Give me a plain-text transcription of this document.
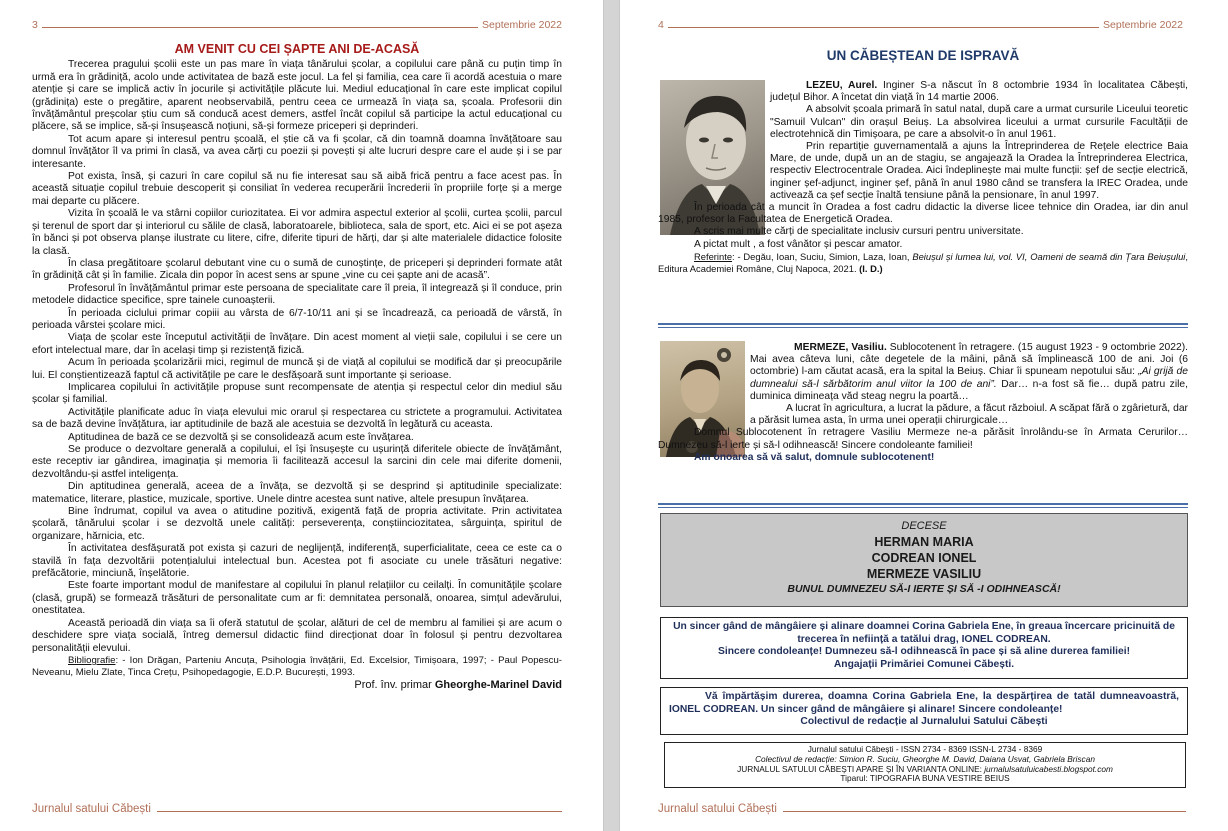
3	Septembrie 2022
AM VENIT CU CEI ȘAPTE ANI DE-ACASĂ

Trecerea pragului școlii este un pas mare în viața tânărului școlar, a copilului care până cu puțin timp în urmă era în grădiniță, acolo unde activitatea de bază este jocul. La fel și familia, cea care îi acordă acestuia o mare atenție și care se implică activ în jocurile și activitățile plăcute lui. Mediul educațional în care este implicat copilul (grădinița) este o pregătire, aparent neobservabilă, pentru ceea ce urmează în viața sa, școala. Profesorii din învățământul preșcolar știu cum să conducă acest demers, astfel încât copilul să participe la actul educațional cu plăcere, să se implice, să-și însușească noțiuni, să-și formeze priceperi și deprinderi.

Tot acum apare și interesul pentru școală, el știe că va fi școlar, că din toamnă doamna învățătoare sau domnul învățător îl va primi în clasă, va avea cărți cu poezii și povești și alte lucruri despre care el aude și i se par interesante.

Pot exista, însă, și cazuri în care copilul să nu fie interesat sau să aibă frică pentru a face acest pas. În această situație copilul trebuie descoperit și consiliat în vederea recuperării încrederii în propriile forțe și a merge mai departe cu plăcere.

Vizita în școală le va stârni copiilor curiozitatea. Ei vor admira aspectul exterior al școlii, curtea școlii, parcul și terenul de sport dar și interiorul cu sălile de clasă, laboratoarele, biblioteca, sala de sport, etc. Aici ei se pot așeza în bănci și pot observa planșe ilustrate cu litere, cifre, diferite tipuri de hărți, dar și alte materialele didactice folosite la clasă.

În clasa pregătitoare școlarul debutant vine cu o sumă de cunoștințe, de priceperi și deprinderi formate atât în grădiniță cât și în familie. Zicala din popor în acest sens ar spune „vine cu cei șapte ani de acasă”.

Profesorul în învățământul primar este persoana de specialitate care îl preia, îl integrează și îl conduce, prin metodele didactice specifice, spre tainele cunoașterii.

În perioada ciclului primar copiii au vârsta de 6/7-10/11 ani și se încadrează, ca perioadă de vârstă, în perioada vârstei școlare mici.

Viața de școlar este începutul activității de învățare. Din acest moment al vieții sale, copilului i se cere un efort intelectual mare, dar în același timp și rezistență fizică.

Acum în perioada școlarizării mici, regimul de muncă și de viață al copilului se modifică dar și preocupările lui. El conștientizează faptul că activitățile pe care le desfășoară sunt importante și serioase.

Implicarea copilului în activitățile propuse sunt recompensate de atenția și respectul celor din mediul său școlar și familial.

Activitățile planificate aduc în viața elevului mic orarul și respectarea cu strictete a programului. Activitatea sa de bază devine învățătura, iar aptitudinile de bază ale acestuia se dezvoltă în legătură cu aceasta.

Aptitudinea de bază ce se dezvoltă și se consolidează acum este învățarea.

Se produce o dezvoltare generală a copilului, el își însușește cu ușurință diferitele obiecte de învățământ, este receptiv iar gândirea, imaginația și memoria îi facilitează accesul la sarcini din cele mai diferite domenii, dezvoltându-și astfel inteligența.

Din aptitudinea generală, aceea de a învăța, se dezvoltă și se desprind și aptitudinile specializate: matematice, literare, plastice, muzicale, sportive. Unele dintre acestea sunt native, altele presupun învățarea.

Bine îndrumat, copilul va avea o atitudine pozitivă, exigentă față de propria activitate. Prin activitatea școlară, tânărului școlar i se dezvoltă unele calități: perseverența, conștiinciozitatea, sârguința, spiritul de organizare, hărnicia, etc.

În activitatea desfășurată pot exista și cazuri de neglijență, indiferență, superficialitate, ceea ce este ca o stavilă în fața dezvoltării potențialului intelectual bun. Acestea pot fi asociate cu unele trăsături negative: prefăcătorie, minciună, înșelătorie.

Este foarte important modul de manifestare al copilului în planul relațiilor cu ceilalți. În comunitățile școlare (clasă, grupă) se formează trăsături de personalitate cum ar fi: demnitatea personală, onoarea, simțul adevărului, onestitatea.

Această perioadă din viața sa îi oferă statutul de școlar, alături de cel de membru al familiei și are acum o deschidere spre viața socială, întreg demersul didactic fiind direcționat doar în folosul și pentru dezvoltarea personalității elevului.

Bibliografie: - Ion Drăgan, Parteniu Ancuța, Psihologia învățării, Ed. Excelsior, Timișoara, 1997; - Paul Popescu-Neveanu, Mielu Zlate, Tinca Crețu, Psihopedagogie, E.D.P. București, 1993.

Prof. înv. primar Gheorghe-Marinel David

Jurnalul satului Căbești
4	Septembrie 2022
UN CĂBEȘTEAN DE ISPRAVĂ

LEZEU, Aurel. Inginer S-a născut în 8 octombrie 1934 în localitatea Căbești, județul Bihor. A încetat din viață în 14 martie 2006.

A absolvit școala primară în satul natal, după care a urmat cursurile Liceului teoretic "Samuil Vulcan" din orașul Beiuș. La absolvirea liceului a urmat cursurile Facultății de electrotehnică din Timișoara, pe care a absolvit-o în anul 1961.

Prin repartiție guvernamentală a ajuns la Întreprinderea de Rețele electrice Baia Mare, de unde, după un an de stagiu, se angajează la Oradea la Întreprinderea Electrica, respectiv Electrocentrale Oradea. Aici îndeplinește mai multe funcții: șef de secție electrică, inginer șef-adjunct, inginer șef, până în anul 1980 când se transfera la IREC Oradea, unde activează ca șef secție înaltă tensiune până la pensionare, în anul 1997.

În perioada cât a muncit în Oradea a fost cadru didactic la diverse licee tehnice din Oradea, iar din anul 1985, profesor la Facultatea de Energetică Oradea.

A scris mai multe cărți de specialitate inclusiv cursuri pentru universitate.

A pictat mult , a fost vânător și pescar amator.

Referinte: - Degău, Ioan, Suciu, Simion, Laza, Ioan, Beiușul și lumea lui, vol. VI, Oameni de seamă din Țara Beiușului, Editura Academiei Române, Cluj Napoca, 2021. (I. D.)

MERMEZE, Vasiliu. Sublocotenent în retragere. (15 august 1923 - 9 octombrie 2022). Mai avea câteva luni, câte degetele de la mâini, până să împlinească 100 de ani. Joi (6 octombrie) l-am căutat acasă, era la spital la Beiuș. Chiar îi spuneam nepotului său: „Ai grijă de dumnealui să-l sărbătorim anul viitor la 100 de ani”. Dar… n-a fost să fie… după patru zile, duminica dimineața văd steag negru la poartă…

A lucrat în agricultura, a lucrat la pădure, a făcut războiul. A scăpat fără o zgârietură, dar a părăsit lumea asta, în urma unei operații chirurgicale…

Domnul Sublocotenent în retragere Vasiliu Mermeze ne-a părăsit înrolându-se în Armata Cerurilor… Dumnezeu să-l ierte și să-l odihnească! Sincere condoleante familiei!

Am onoarea să vă salut, domnule sublocotenent!

DECESE
HERMAN MARIA
CODREAN IONEL
MERMEZE VASILIU
BUNUL DUMNEZEU SĂ-I IERTE ȘI SĂ -I ODIHNEASCĂ!
Un sincer gând de mângâiere și alinare doamnei Corina Gabriela Ene, în greaua încercare pricinuită de trecerea în neființă a tatălui drag, IONEL CODREAN.
Sincere condoleanțe! Dumnezeu să-l odihnească în pace și să aline durerea familiei!
Angajații Primăriei Comunei Căbești.
Vă împărtășim durerea, doamna Corina Gabriela Ene, la despărțirea de tatăl dumneavoastră, IONEL CODREAN. Un sincer gând de mângâiere și alinare! Sincere condoleanțe!
Colectivul de redacție al Jurnalului Satului Căbești
Jurnalul satului Căbești - ISSN 2734 - 8369 ISSN-L 2734 - 8369
Colectivul de redacție: Simion R. Suciu, Gheorghe M. David, Daiana Usvat, Gabriela Briscan
JURNALUL SATULUI CĂBEȘTI APARE ȘI ÎN VARIANTA ONLINE: jurnalulsatuluicabesti.blogspot.com
Tiparul: TIPOGRAFIA BUNA VESTIRE BEIUS
Jurnalul satului Căbești
